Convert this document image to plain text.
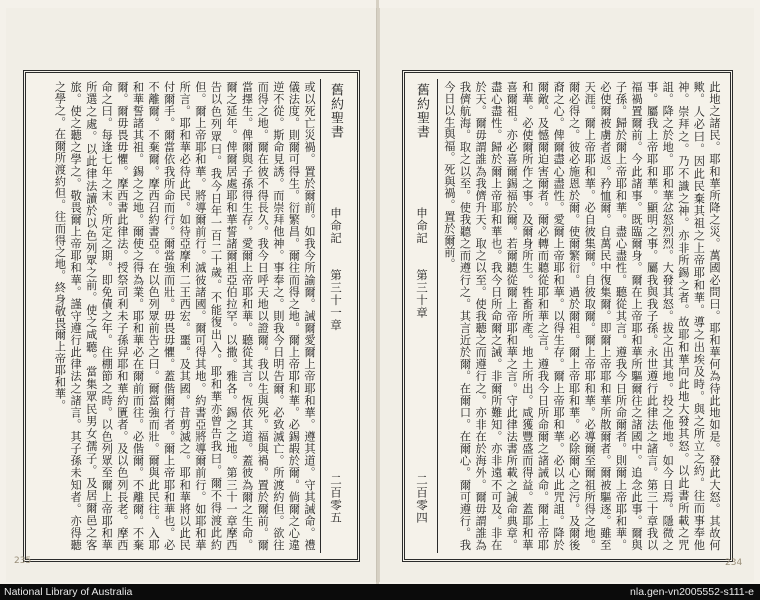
舊約聖書
申命記
第三十一章
二百零五
或以死亡災禍。置於爾前。如我今所諭爾。誡爾愛爾上帝耶和華。遵其道。守其誡命。禮儀法度。則爾可得生。衍繁昌。爾往而得之地。爾上帝耶和華。必錫嘏於爾。倘爾之心違逆不從。斯命見誘。而崇拜他神。事奉之。則我今日明告爾。必致滅亡。所渡約但。欲往而得之地。爾在彼不得長久。我今日呼天地以證爾。我以生與死。福與禍。置於爾前。爾當擇生。俾爾與子孫得生存。愛爾上帝耶和華。聽從其言。恆依其道。蓋彼為爾之生命。爾之延年。俾爾居處耶和華誓諸爾祖亞伯拉罕。以撒。雅各。錫之之地。第三十一章摩西告以色列眾曰。我今日年一百二十歲。不能復出入。耶和華亦曾告我曰。爾不得渡此約但。爾上帝耶和華。將導爾前行。滅彼諸國。爾可得其地。約書亞將導爾前行。如耶和華所言。耶和華必待此民。如待亞摩利二王西宏。噩。及其國。昔剪滅之。耶和華將以此民付爾手。爾當依我所命而行。爾當強而壯。毋畏毋懼。蓋偕爾行者。爾上帝耶和華也。必不離爾。不棄爾。摩西召約書亞。在以色列眾前告之曰。爾當強而壯。爾與此民往。入耶和華誓諸其祖。錫之之地。爾使之得為業。耶和華必在爾前而往。必偕爾。不離爾。不棄爾。爾毋畏毋懼。摩西書此律法。授祭司利未子孫舁耶和華約匱者。及以色列長老。摩西命之曰。每逢七年之末。所定之期。即免債之年。住棚節之時。以色列眾至爾上帝耶和華所選之處。以此律法讀於以色列眾之前。使之咸聽。當集眾民男女孺子。及居爾邑之客旅。使之聽之學之。敬畏爾上帝耶和華。謹守遵行此律法之諸言。其子孫未知者。亦得聽之學之。在爾所渡約但。往而得之地。終身敬畏爾上帝耶和華。
235
此地之諸民。耶和華所降之災。萬國必問曰。耶和華何為待此地如是。發此大怒。其故何歟。人必曰。因此民棄其祖之上帝耶和華。導之出埃及時。與之所立之約。往而事奉他神。崇拜之。乃不識之神。亦非所錫之者。故耶和華向此地大發其怒。以此書所載之咒詛。降之於地。耶和華忿怒烈烈。大發其怒。拔之出其地。投之他地。如今日焉。隱微之事。屬我上帝耶和華。顯明之事。屬我與我子孫。永世遵行此律法之諸言。第三十章我以福禍置爾前。今此諸事。既臨爾身。爾在上帝耶和華所驅爾往之諸國中。追念此事。爾與子孫。歸於爾上帝耶和華。盡心盡性。聽從其言。遵我今日所命爾者。則爾上帝耶和華。必使爾被虜者返。矜恤爾。自萬民中復集爾。即爾上帝耶和華所散爾者。爾被驅逐。雖至天涯。爾上帝耶和華。必自彼集爾。自彼取爾。爾上帝耶和華。必導爾至爾祖所得之地。爾必得之。彼必施恩於爾。使爾繁衍。過於爾祖。爾上帝耶和華。必除爾心之污。及爾後裔之心。俾爾盡心盡性。愛爾上帝耶和華。以得生存。爾上帝耶和華。必以此咒詛。降於爾敵。及憾爾迫害爾者。爾必轉而聽從耶和華之言。遵我今日所命爾之諸誡命。爾上帝耶和華。必使爾所作之事。及爾身所生。牲畜所產。地土所出。咸獲豐盛而得益。蓋耶和華喜爾祖。亦必喜爾錫福於爾。若爾聽從爾上帝耶和華之言。守此律法書所載之誡命典章。盡心盡性。歸於爾上帝耶和華也。我今日所命爾之誡。非爾所難知。亦非遠不可及。非在於天。爾毋謂誰為我儕升天。取之以至。使我聽之而遵行之。亦非在於海外。爾毋謂誰為我儕航海。取之以至。使我聽之而遵行之。其言近於爾。在爾口。在爾心。爾可遵行。我今日以生與福。死與禍。置於爾前。
舊約聖書
申命記
第三十章
二百零四
234
National Library of Australia	nla.gen-vn2005552-s111-e
